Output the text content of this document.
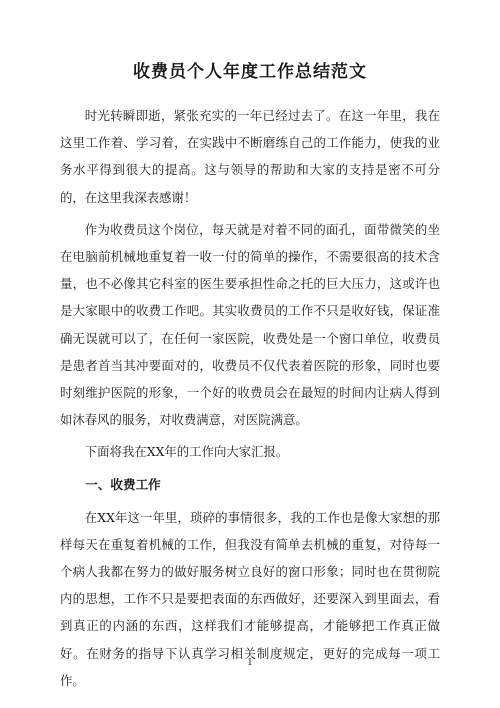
收费员个人年度工作总结范文

时光转瞬即逝，紧张充实的一年已经过去了。在这一年里，我在这里工作着、学习着，在实践中不断磨练自己的工作能力，使我的业务水平得到很大的提高。这与领导的帮助和大家的支持是密不可分的，在这里我深表感谢！

作为收费员这个岗位，每天就是对着不同的面孔，面带微笑的坐在电脑前机械地重复着一收一付的简单的操作，不需要很高的技术含量，也不必像其它科室的医生要承担性命之托的巨大压力，这或许也是大家眼中的收费工作吧。其实收费员的工作不只是收好钱，保证准确无误就可以了，在任何一家医院，收费处是一个窗口单位，收费员是患者首当其冲要面对的，收费员不仅代表着医院的形象，同时也要时刻维护医院的形象，一个好的收费员会在最短的时间内让病人得到如沐春风的服务，对收费满意，对医院满意。

下面将我在XX年的工作向大家汇报。

一、收费工作

在XX年这一年里，琐碎的事情很多，我的工作也是像大家想的那样每天在重复着机械的工作，但我没有简单去机械的重复，对待每一个病人我都在努力的做好服务树立良好的窗口形象；同时也在贯彻院内的思想，工作不只是要把表面的东西做好，还要深入到里面去，看到真正的内涵的东西，这样我们才能够提高，才能够把工作真正做好。在财务的指导下认真学习相关制度规定，更好的完成每一项工作。

1
